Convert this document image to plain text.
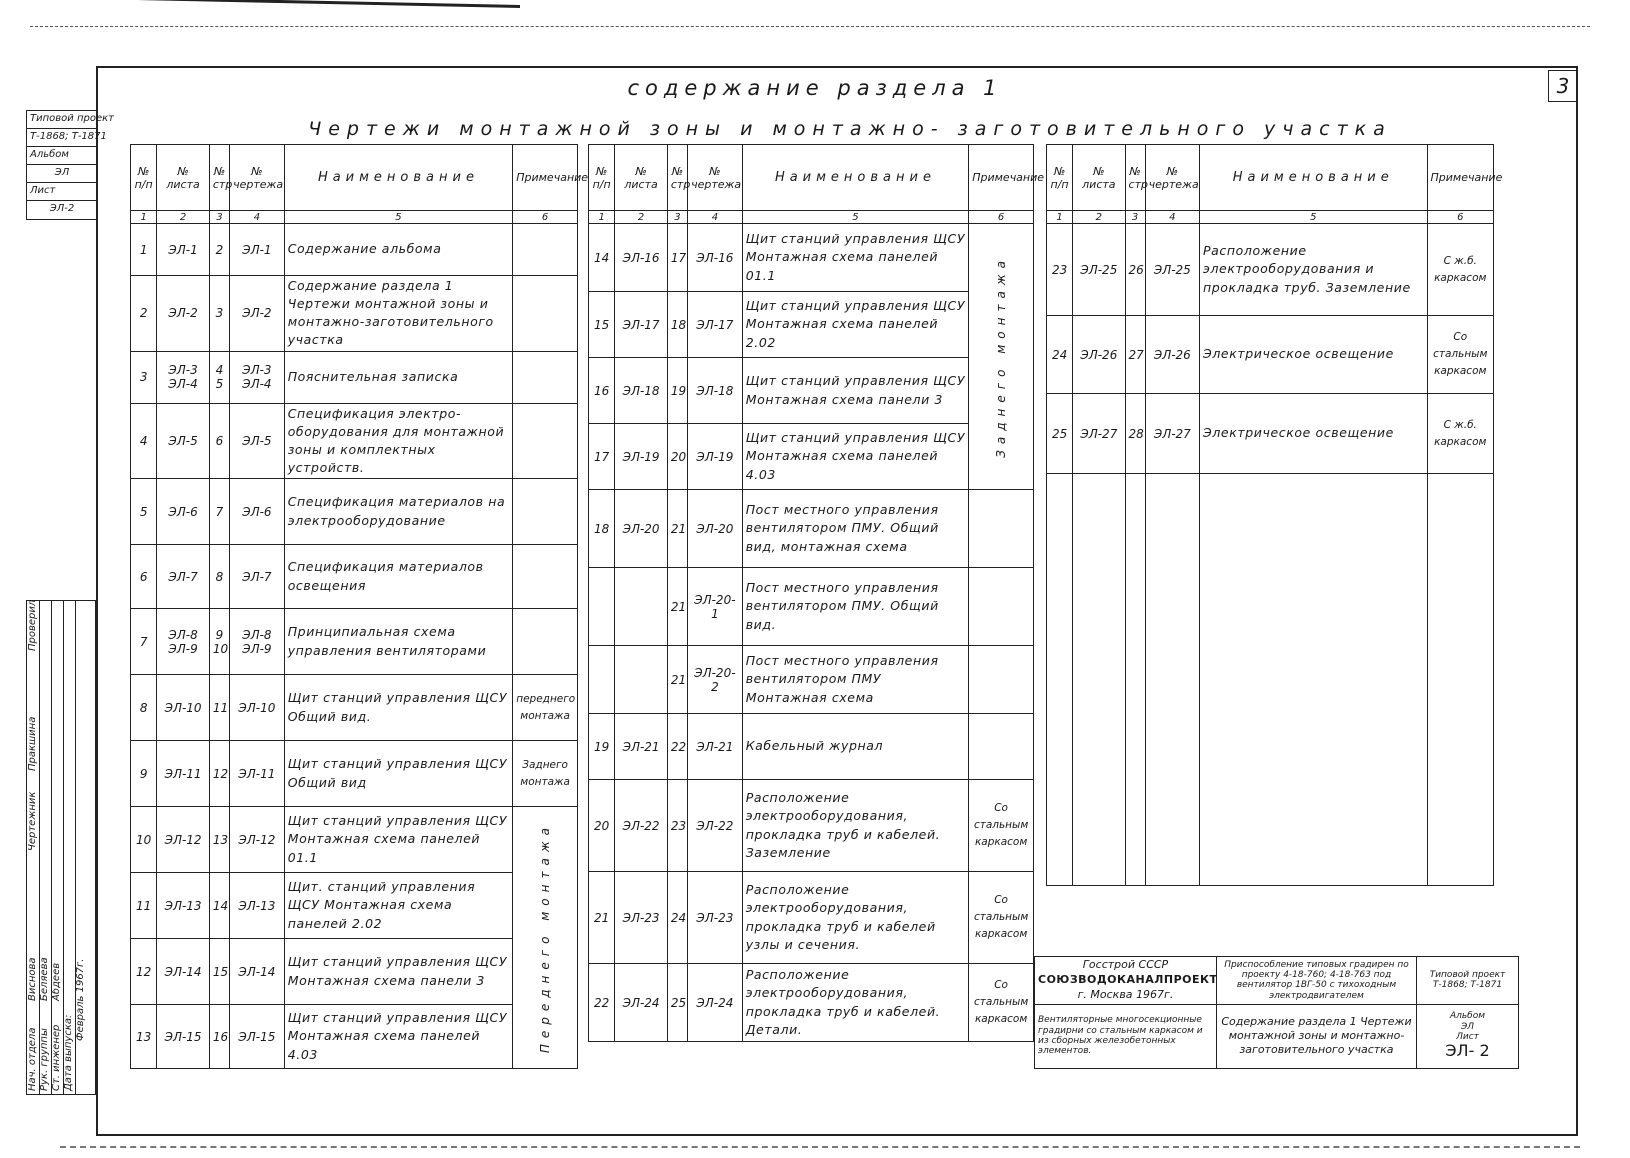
3
содержание раздела 1
Чертежи монтажной зоны и монтажно- заготовительного участка
Типовой проект
Т-1868; Т-1871
Альбом
ЭЛ
Лист
ЭЛ-2
Нач. отдела Рук. группы Ст. инженер Дата выпуска:
Февраль 1967г.
Виснова Беляева Абдеев
Чертежник
Пракшина
Проверил
№ п/п	№ листа	№ стр	№ чертежа	Наименование	Примечание
1	2	3	4	5	6
1	ЭЛ-1	2	ЭЛ-1	Содержание альбома	
2	ЭЛ-2	3	ЭЛ-2	Содержание раздела 1 Чертежи монтажной зоны и монтажно-заготовительного участка	
3	ЭЛ-3 ЭЛ-4	4 5	ЭЛ-3 ЭЛ-4	Пояснительная записка	
4	ЭЛ-5	6	ЭЛ-5	Спецификация электро-оборудования для монтажной зоны и комплектных устройств.	
5	ЭЛ-6	7	ЭЛ-6	Спецификация материалов на электрооборудование	
6	ЭЛ-7	8	ЭЛ-7	Спецификация материалов освещения	
7	ЭЛ-8 ЭЛ-9	9 10	ЭЛ-8 ЭЛ-9	Принципиальная схема управления вентиляторами	
8	ЭЛ-10	11	ЭЛ-10	Щит станций управления ЩСУ Общий вид.	переднего монтажа
9	ЭЛ-11	12	ЭЛ-11	Щит станций управления ЩСУ Общий вид	Заднего монтажа
10	ЭЛ-12	13	ЭЛ-12	Щит станций управления ЩСУ Монтажная схема панелей 01.1	Переднего монтажа

11	ЭЛ-13	14	ЭЛ-13	Щит. станций управления ЩСУ Монтажная схема панелей 2.02	
12	ЭЛ-14	15	ЭЛ-14	Щит станций управления ЩСУ Монтажная схема панели 3	
13	ЭЛ-15	16	ЭЛ-15	Щит станций управления ЩСУ Монтажная схема панелей 4.03	
№ п/п	№ листа	№ стр	№ чертежа	Наименование	Примечание
1	2	3	4	5	6
14	ЭЛ-16	17	ЭЛ-16	Щит станций управления ЩСУ Монтажная схема панелей 01.1	Заднего монтажа

15	ЭЛ-17	18	ЭЛ-17	Щит станций управления ЩСУ Монтажная схема панелей 2.02	
16	ЭЛ-18	19	ЭЛ-18	Щит станций управления ЩСУ Монтажная схема панели 3	
17	ЭЛ-19	20	ЭЛ-19	Щит станций управления ЩСУ Монтажная схема панелей 4.03	
18	ЭЛ-20	21	ЭЛ-20	Пост местного управления вентилятором ПМУ. Общий вид, монтажная схема	
		21	ЭЛ-20-1	Пост местного управления вентилятором ПМУ. Общий вид.	
		21	ЭЛ-20-2	Пост местного управления вентилятором ПМУ Монтажная схема	
19	ЭЛ-21	22	ЭЛ-21	Кабельный журнал	
20	ЭЛ-22	23	ЭЛ-22	Расположение электрооборудования, прокладка труб и кабелей. Заземление	Со стальным каркасом
21	ЭЛ-23	24	ЭЛ-23	Расположение электрооборудования, прокладка труб и кабелей узлы и сечения.	Со стальным каркасом
22	ЭЛ-24	25	ЭЛ-24	Расположение электрооборудования, прокладка труб и кабелей. Детали.	Со стальным каркасом
№ п/п	№ листа	№ стр	№ чертежа	Наименование	Примечание
1	2	3	4	5	6
23	ЭЛ-25	26	ЭЛ-25	Расположение электрооборудования и прокладка труб. Заземление	С ж.б. каркасом
24	ЭЛ-26	27	ЭЛ-26	Электрическое освещение	Со стальным каркасом
25	ЭЛ-27	28	ЭЛ-27	Электрическое освещение	С ж.б. каркасом

Госстрой СССР
СОЮЗВОДОКАНАЛПРОЕКТ
г. Москва 1967г.	Приспособление типовых градирен по проекту 4-18-760; 4-18-763 под вентилятор 1ВГ-50 с тихоходным электродвигателем	Типовой проект
Т-1868; Т-1871
Вентиляторные многосекционные градирни со стальным каркасом и из сборных железобетонных элементов.	Содержание раздела 1 Чертежи монтажной зоны и монтажно- заготовительного участка	Альбом
ЭЛ
Лист
ЭЛ- 2
